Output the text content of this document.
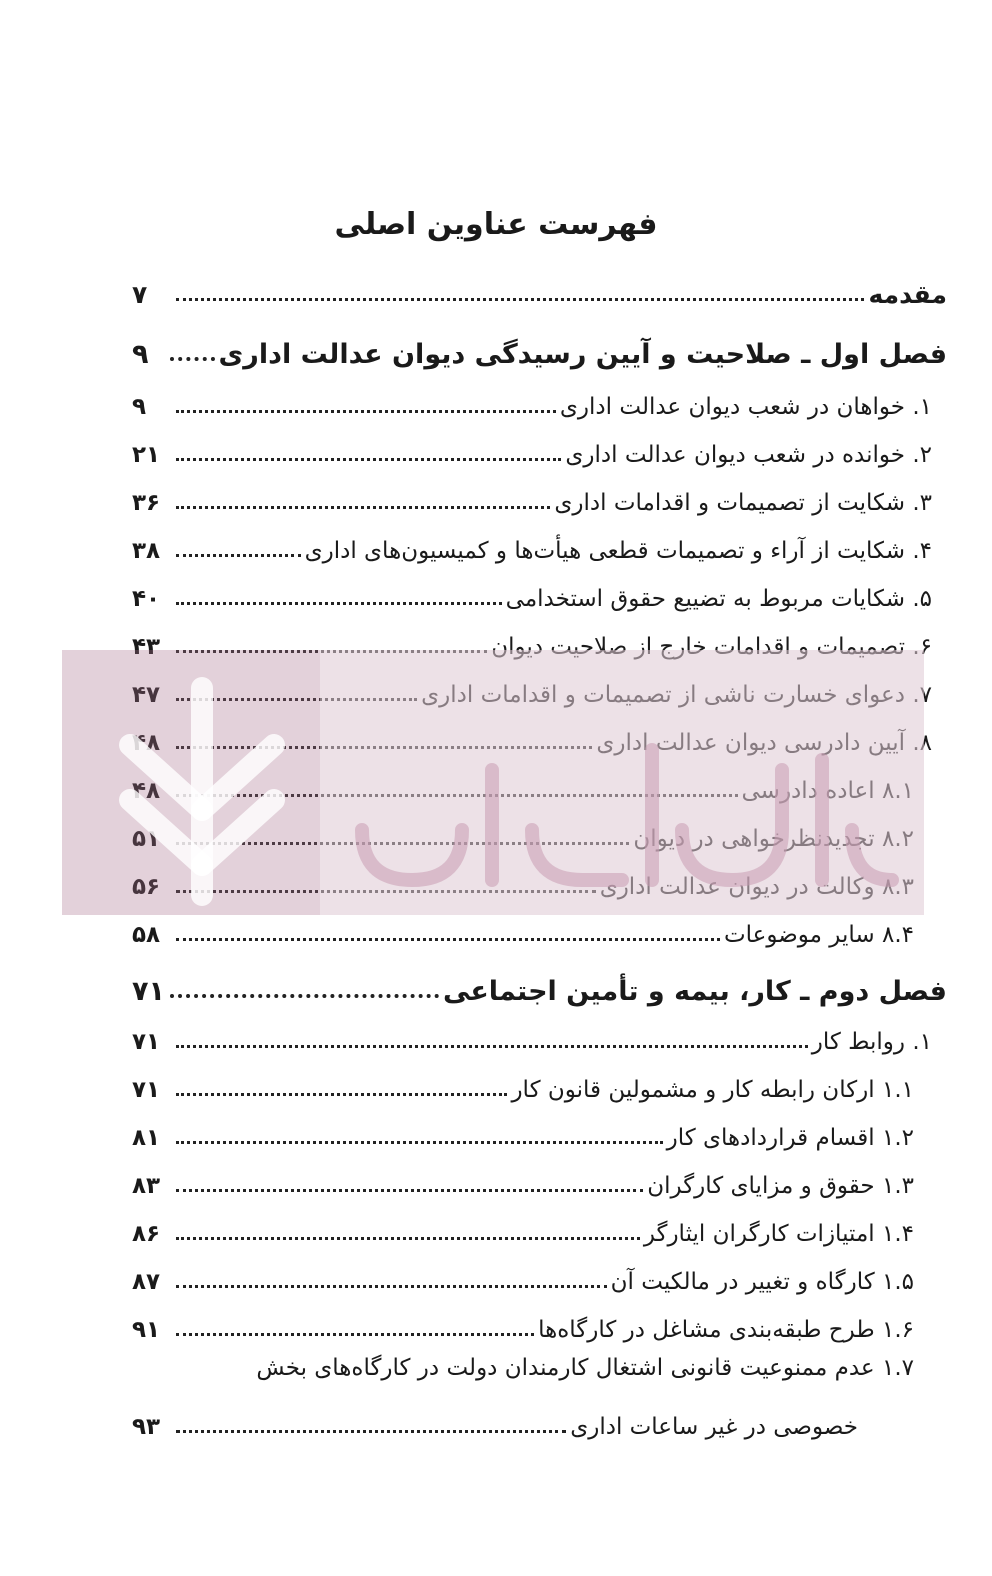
فهرست عناوین اصلی
مقدمه
۷
فصل اول ـ صلاحیت و آیین رسیدگی دیوان عدالت اداری
۹
۱. خواهان در شعب دیوان عدالت اداری
۹
۲. خوانده در شعب دیوان عدالت اداری
۲۱
۳. شکایت از تصمیمات و اقدامات اداری
۳۶
۴. شکایت از آراء و تصمیمات قطعی هیأت‌ها و کمیسیون‌های اداری
۳۸
۵. شکایات مربوط به تضییع حقوق استخدامی
۴۰
۶. تصمیمات و اقدامات خارج از صلاحیت دیوان
۴۳
۷. دعوای خسارت ناشی از تصمیمات و اقدامات اداری
۴۷
۸. آیین دادرسی دیوان عدالت اداری
۴۸
۸.۱ اعاده دادرسی
۴۸
۸.۲ تجدیدنظرخواهی در دیوان
۵۱
۸.۳ وکالت در دیوان عدالت اداری
۵۶
۸.۴ سایر موضوعات
۵۸
فصل دوم ـ کار، بیمه و تأمین اجتماعی
۷۱
۱. روابط کار
۷۱
۱.۱ ارکان رابطه کار و مشمولین قانون کار
۷۱
۱.۲ اقسام قراردادهای کار
۸۱
۱.۳ حقوق و مزایای کارگران
۸۳
۱.۴ امتیازات کارگران ایثارگر
۸۶
۱.۵ کارگاه و تغییر در مالکیت آن
۸۷
۱.۶ طرح طبقه‌بندی مشاغل در کارگاه‌ها
۹۱
۱.۷ عدم ممنوعیت قانونی اشتغال کارمندان دولت در کارگاه‌های بخش
خصوصی در غیر ساعات اداری
۹۳
